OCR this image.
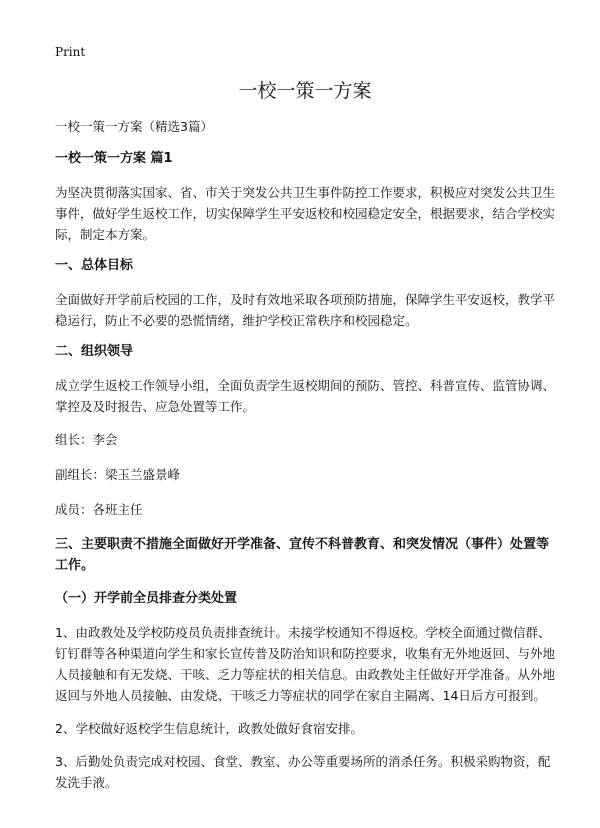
Print
一校一策一方案
一校一策一方案（精选3篇）
一校一策一方案 篇1

为坚决贯彻落实国家、省、市关于突发公共卫生事件防控工作要求，积极应对突发公共卫生事件，做好学生返校工作，切实保障学生平安返校和校园稳定安全，根据要求，结合学校实际，制定本方案。

一、总体目标

全面做好开学前后校园的工作，及时有效地采取各项预防措施，保障学生平安返校，教学平稳运行，防止不必要的恐慌情绪，维护学校正常秩序和校园稳定。

二、组织领导

成立学生返校工作领导小组，全面负责学生返校期间的预防、管控、科普宣传、监管协调、掌控及及时报告、应急处置等工作。

组长：李会

副组长：梁玉兰盛景峰

成员：各班主任

三、主要职责不措施全面做好开学准备、宣传不科普教育、和突发情况（事件）处置等工作。
（一）开学前全员排查分类处置

1、由政教处及学校防疫员负责排查统计。未接学校通知不得返校。学校全面通过微信群、钉钉群等各种渠道向学生和家长宣传普及防治知识和防控要求，收集有无外地返回、与外地人员接触和有无发烧、干咳、乏力等症状的相关信息。由政教处主任做好开学准备。从外地返回与外地人员接触、由发烧、干咳乏力等症状的同学在家自主隔离、14日后方可报到。

2、学校做好返校学生信息统计，政教处做好食宿安排。

3、后勤处负责完成对校园、食堂、教室、办公等重要场所的消杀任务。积极采购物资，配发洗手液。
